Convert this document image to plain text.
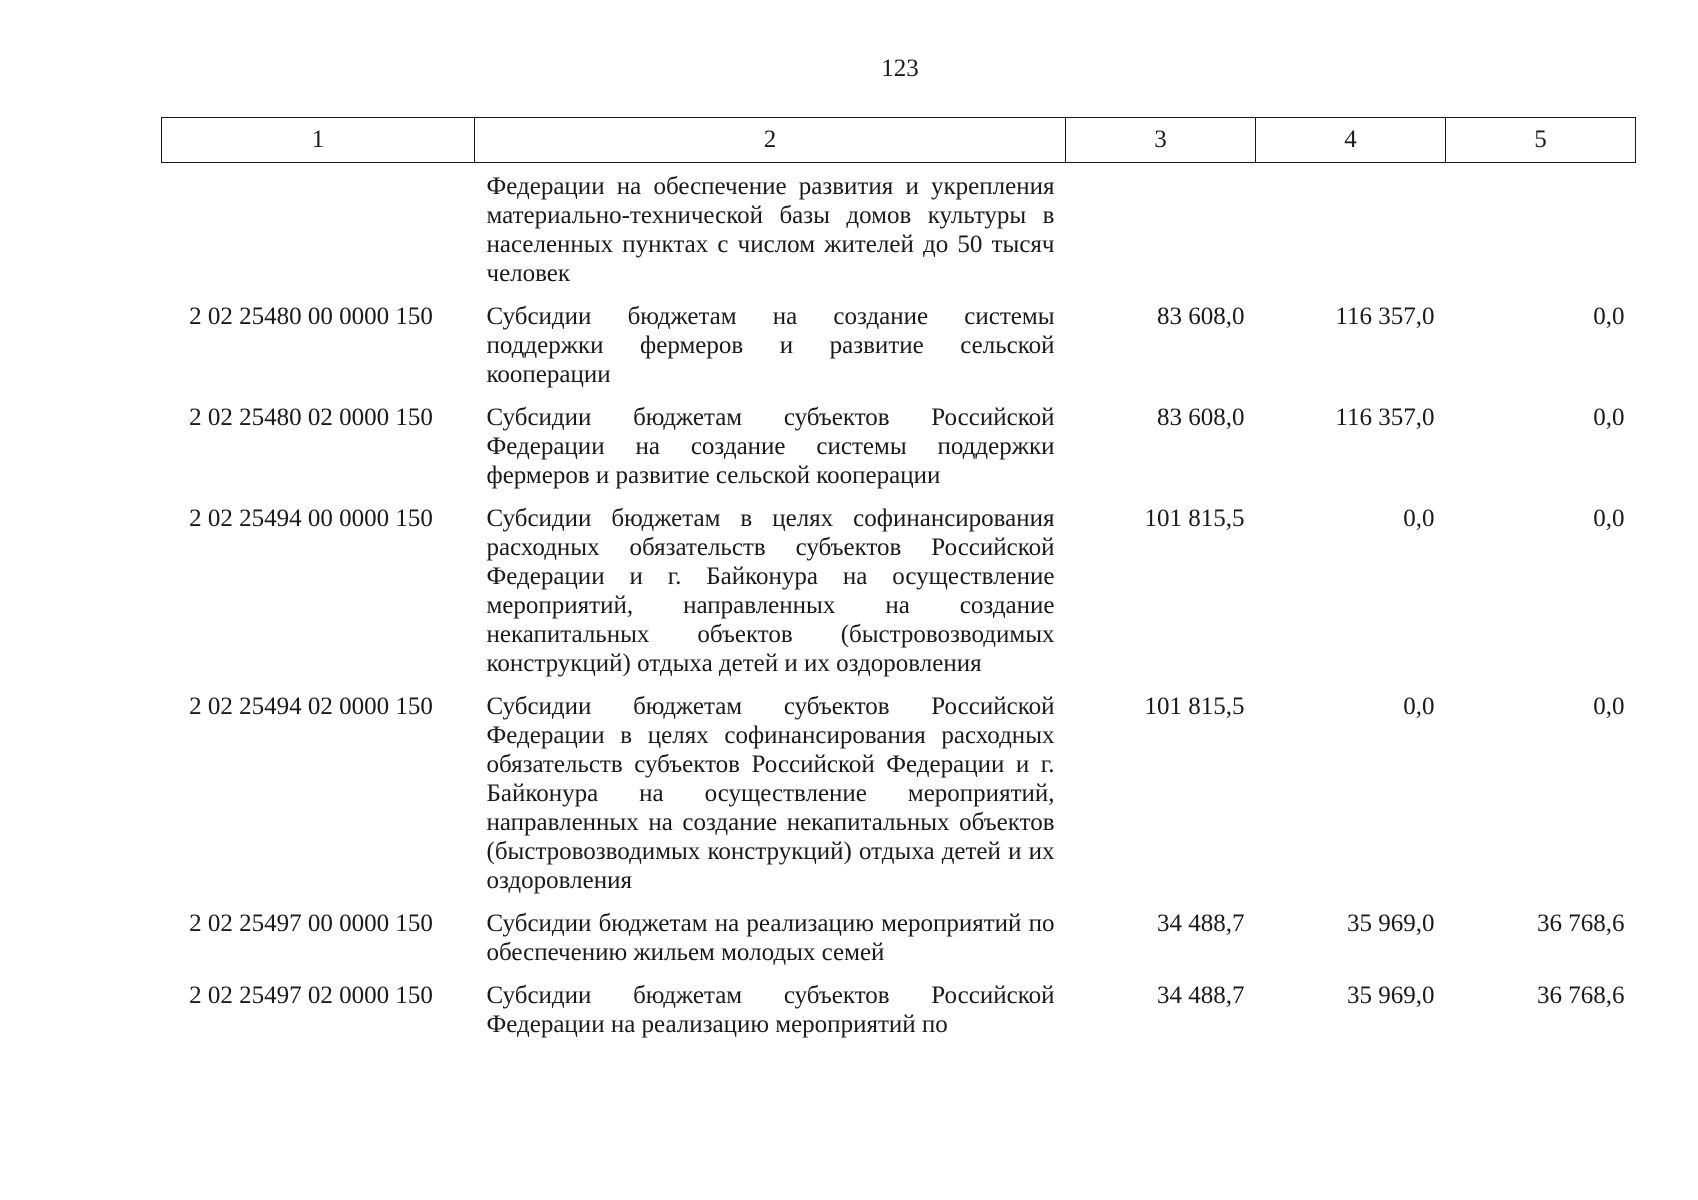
123
1	2	3	4	5
	Федерации на обеспечение развития и укрепления материально-технической базы домов культуры в населенных пунктах с числом жителей до 50 тысяч человек			
2 02 25480 00 0000 150	Субсидии бюджетам на создание системы поддержки фермеров и развитие сельской кооперации	83 608,0	116 357,0	0,0
2 02 25480 02 0000 150	Субсидии бюджетам субъектов Российской Федерации на создание системы поддержки фермеров и развитие сельской кооперации	83 608,0	116 357,0	0,0
2 02 25494 00 0000 150	Субсидии бюджетам в целях софинансирования расходных обязательств субъектов Российской Федерации и г. Байконура на осуществление мероприятий, направленных на создание некапитальных объектов (быстровозводимых конструкций) отдыха детей и их оздоровления	101 815,5	0,0	0,0
2 02 25494 02 0000 150	Субсидии бюджетам субъектов Российской Федерации в целях софинансирования расходных обязательств субъектов Российской Федерации и г. Байконура на осуществление мероприятий, направленных на создание некапитальных объектов (быстровозводимых конструкций) отдыха детей и их оздоровления	101 815,5	0,0	0,0
2 02 25497 00 0000 150	Субсидии бюджетам на реализацию мероприятий по обеспечению жильем молодых семей	34 488,7	35 969,0	36 768,6
2 02 25497 02 0000 150	Субсидии бюджетам субъектов Российской Федерации на реализацию мероприятий по	34 488,7	35 969,0	36 768,6
